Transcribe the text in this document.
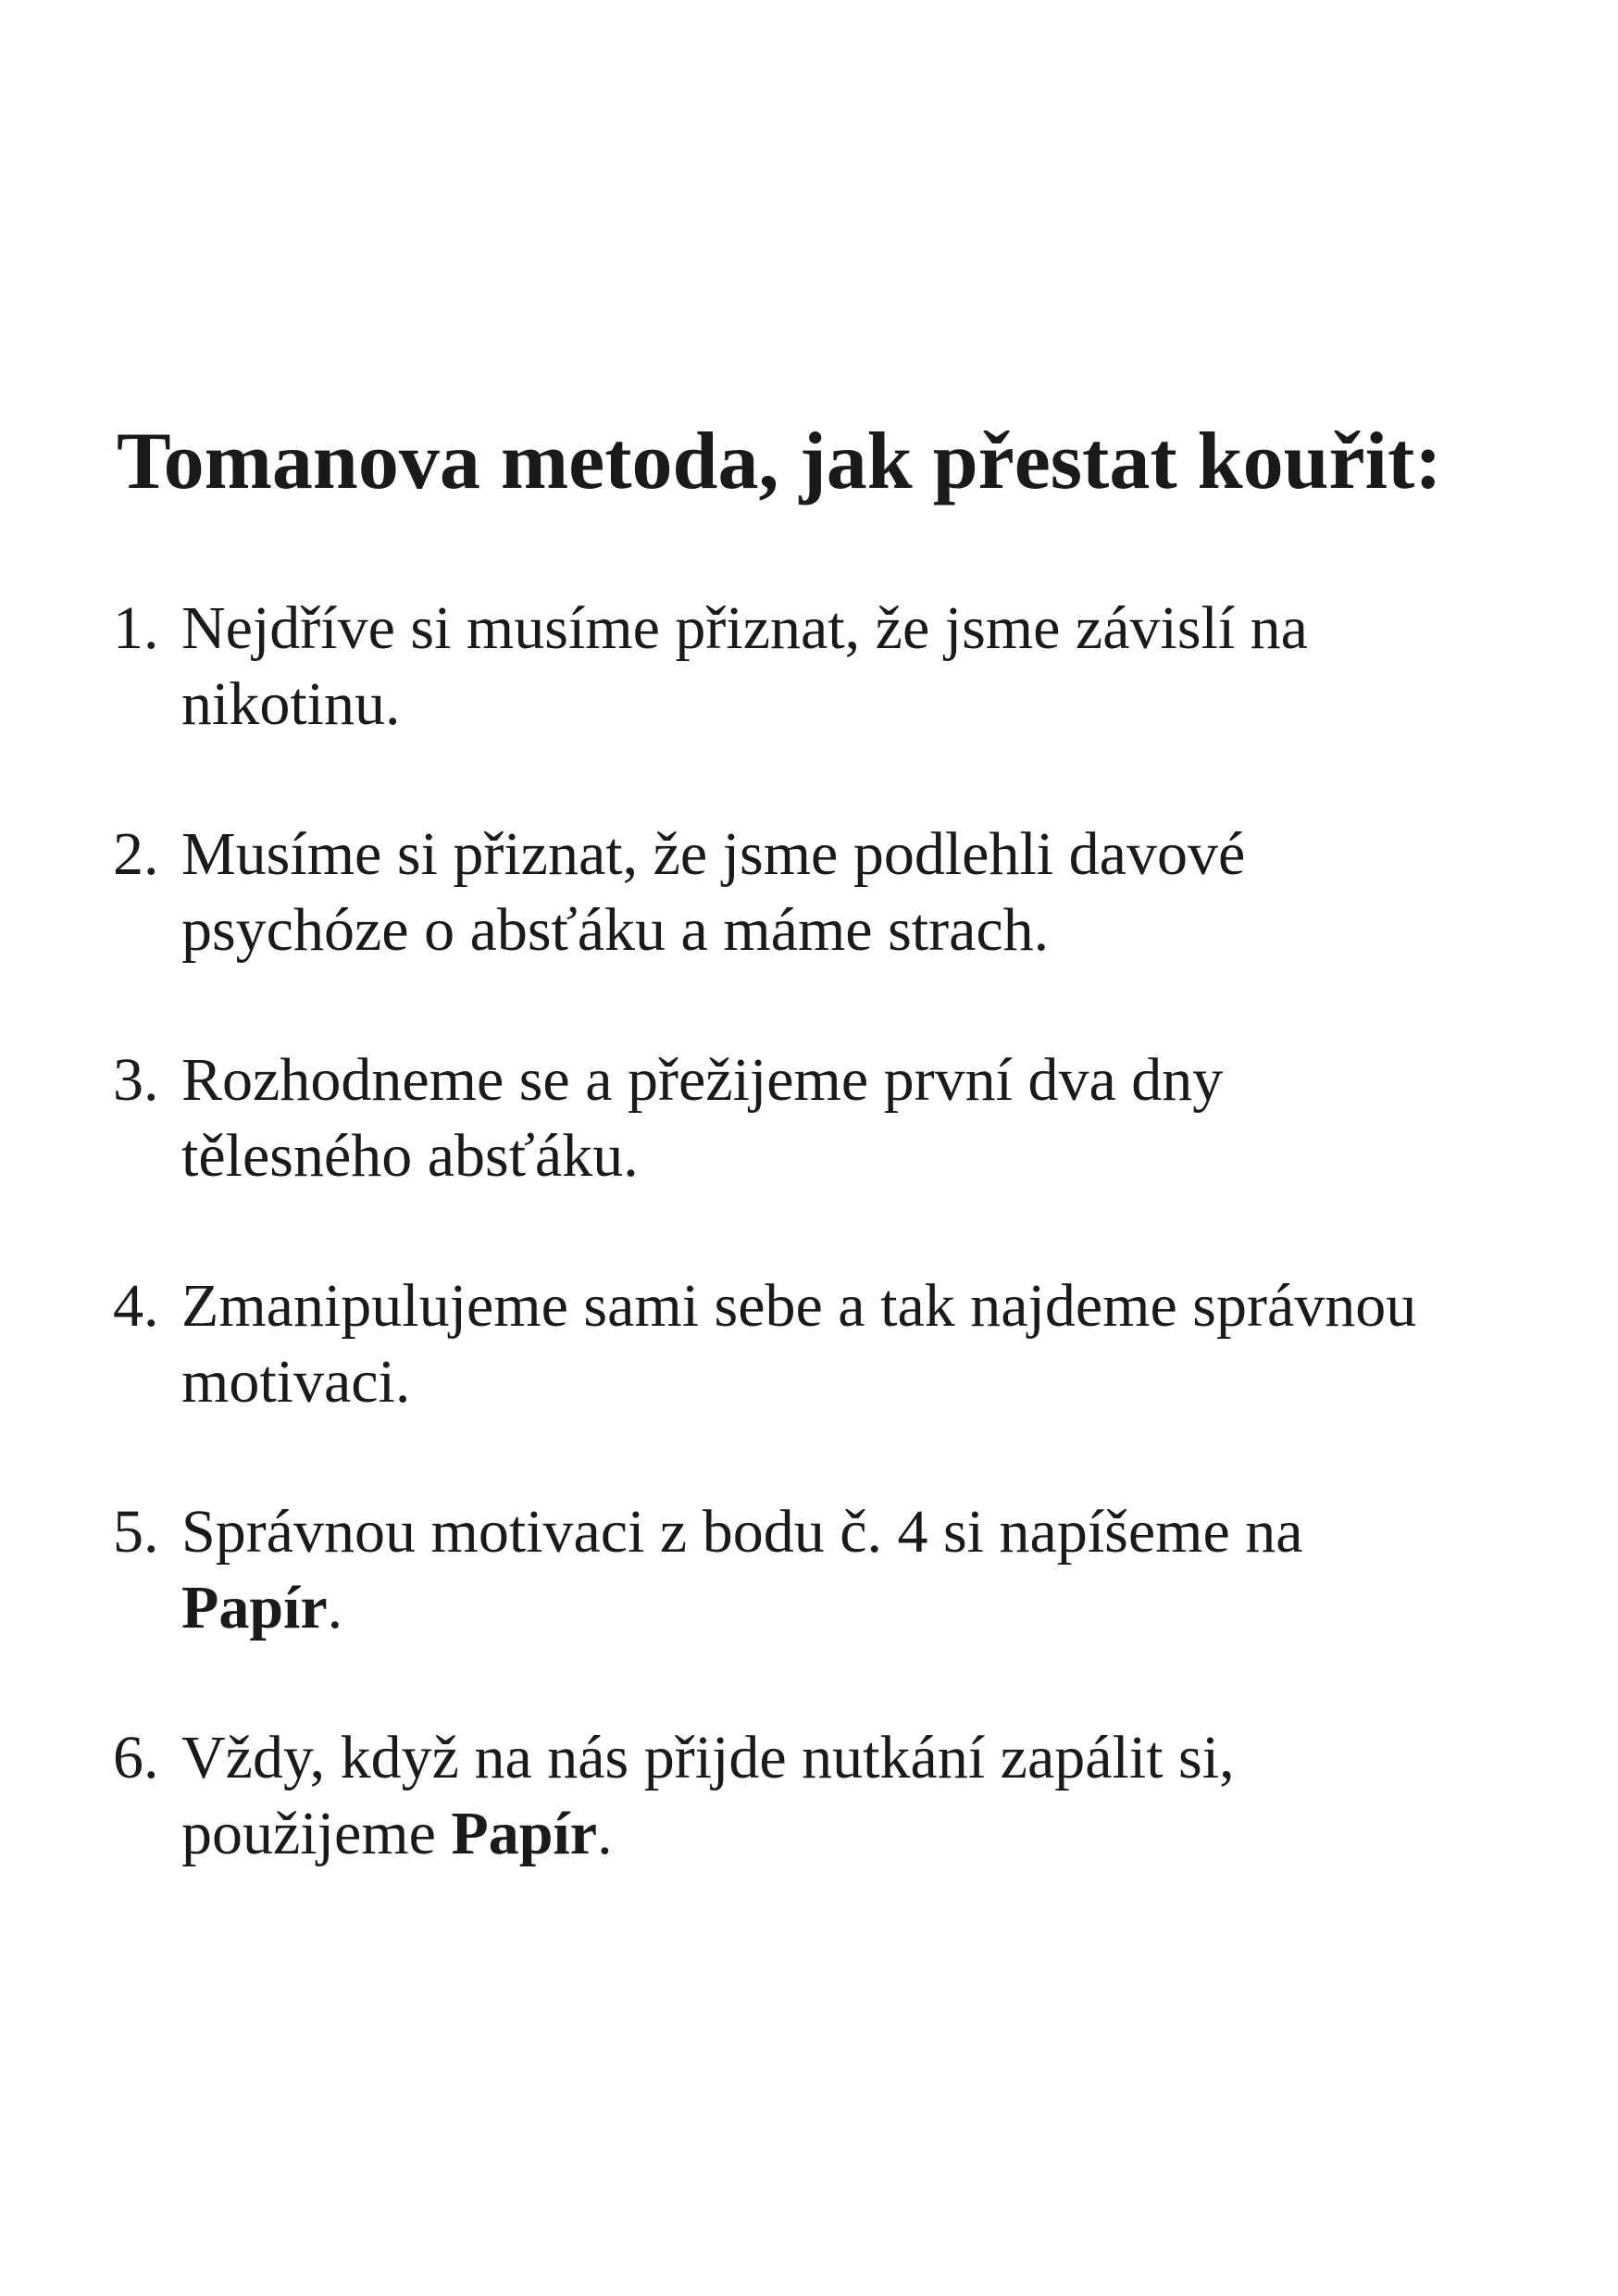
Tomanova metoda, jak přestat kouřit:
1. Nejdříve si musíme přiznat, že jsme závislí na
nikotinu.
2. Musíme si přiznat, že jsme podlehli davové
psychóze o absťáku a máme strach.
3. Rozhodneme se a přežijeme první dva dny
tělesného absťáku.
4. Zmanipulujeme sami sebe a tak najdeme správnou
motivaci.
5. Správnou motivaci z bodu č. 4 si napíšeme na
Papír.
6. Vždy, když na nás přijde nutkání zapálit si,
použijeme Papír.
